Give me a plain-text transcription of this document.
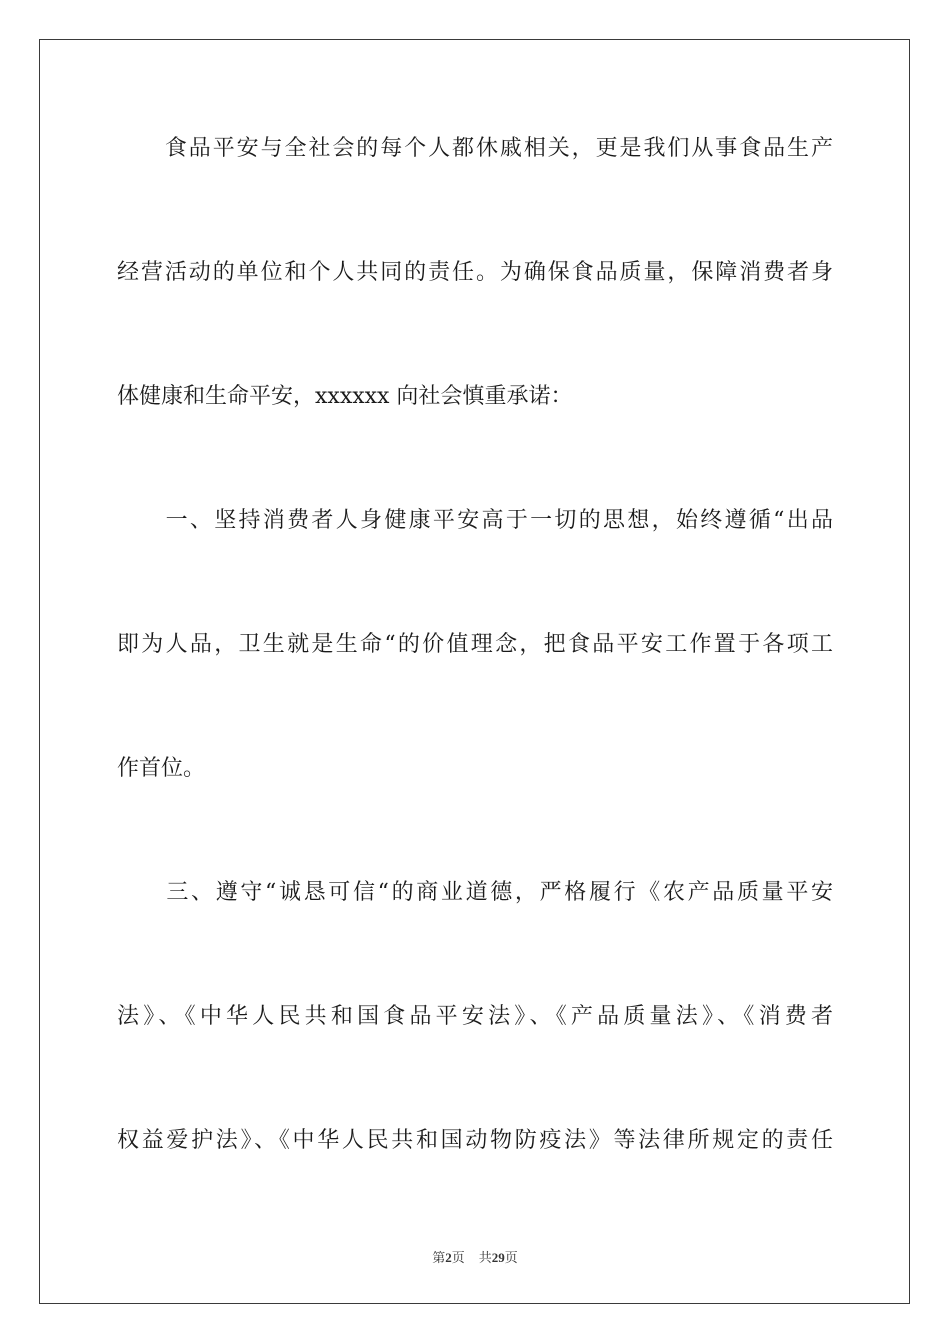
　　食品平安与全社会的每个人都休戚相关，更是我们从事食品生产
经营活动的单位和个人共同的责任。为确保食品质量，保障消费者身
体健康和生命平安，xxxxxx 向社会慎重承诺：
　　一、坚持消费者人身健康平安高于一切的思想，始终遵循“出品
即为人品，卫生就是生命“的价值理念，把食品平安工作置于各项工
作首位。
　　三、遵守“诚恳可信“的商业道德，严格履行《农产品质量平安
法》、《中华人民共和国食品平安法》、《产品质量法》、《消费者
权益爱护法》、《中华人民共和国动物防疫法》等法律所规定的责任
第2页 共29页
